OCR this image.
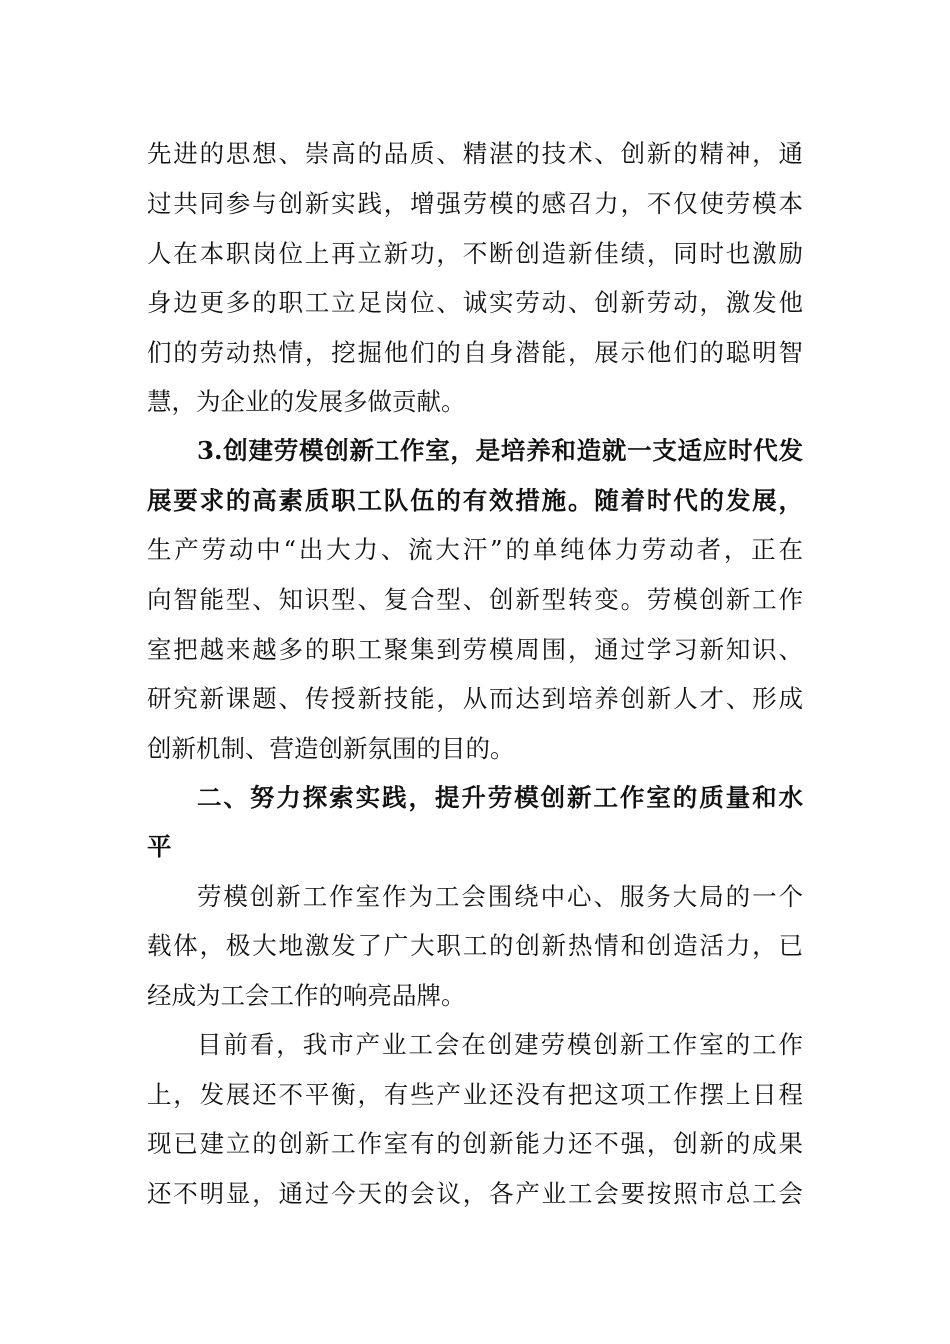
先进的思想、崇高的品质、精湛的技术、创新的精神，通
过共同参与创新实践，增强劳模的感召力，不仅使劳模本
人在本职岗位上再立新功，不断创造新佳绩，同时也激励
身边更多的职工立足岗位、诚实劳动、创新劳动，激发他
们的劳动热情，挖掘他们的自身潜能，展示他们的聪明智
慧，为企业的发展多做贡献。
3.创建劳模创新工作室，是培养和造就一支适应时代发
展要求的高素质职工队伍的有效措施。随着时代的发展，
生产劳动中“出大力、流大汗”的单纯体力劳动者，正在
向智能型、知识型、复合型、创新型转变。劳模创新工作
室把越来越多的职工聚集到劳模周围，通过学习新知识、
研究新课题、传授新技能，从而达到培养创新人才、形成
创新机制、营造创新氛围的目的。
二、努力探索实践，提升劳模创新工作室的质量和水
平
劳模创新工作室作为工会围绕中心、服务大局的一个
载体，极大地激发了广大职工的创新热情和创造活力，已
经成为工会工作的响亮品牌。
目前看，我市产业工会在创建劳模创新工作室的工作
上，发展还不平衡，有些产业还没有把这项工作摆上日程
现已建立的创新工作室有的创新能力还不强，创新的成果
还不明显，通过今天的会议，各产业工会要按照市总工会
